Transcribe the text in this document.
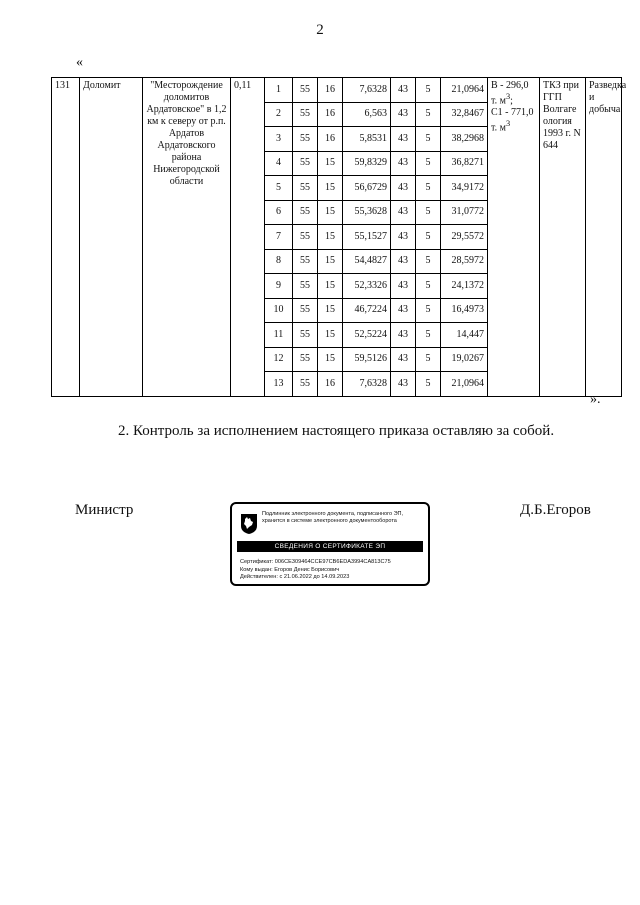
2
«
131	Доломит	"Месторождение доломитов Ардатовское" в 1,2 км к северу от р.п. Ардатов Ардатовского района Нижегородской области	0,11	1	55	16	7,6328	43	5	21,0964	B - 296,0
т. $м^3$;
C1 - 771,0
т. $м^3$	ТКЗ при ГГП Волгаге ология 1993 г. N 644	Разведка и добыча
				2	55	16	6,563	43	5	32,8467			
				3	55	16	5,8531	43	5	38,2968			
				4	55	15	59,8329	43	5	36,8271			
				5	55	15	56,6729	43	5	34,9172			
				6	55	15	55,3628	43	5	31,0772			
				7	55	15	55,1527	43	5	29,5572			
				8	55	15	54,4827	43	5	28,5972			
				9	55	15	52,3326	43	5	24,1372			
				10	55	15	46,7224	43	5	16,4973			
				11	55	15	52,5224	43	5	14,447			
				12	55	15	59,5126	43	5	19,0267			
				13	55	16	7,6328	43	5	21,0964			
».
2. Контроль за исполнением настоящего приказа оставляю за собой.
Министр	Подлинник электронного документа, подписанного ЭП, хранится в системе электронного документооборота
СВЕДЕНИЯ О СЕРТИФИКАТЕ ЭП
Сертификат: 006CE309464CCE97CB6EDA3994CA813C75
Кому выдан: Егоров Денис Борисович
Действителен: с 21.06.2022 до 14.09.2023
Д.Б.Егоров
